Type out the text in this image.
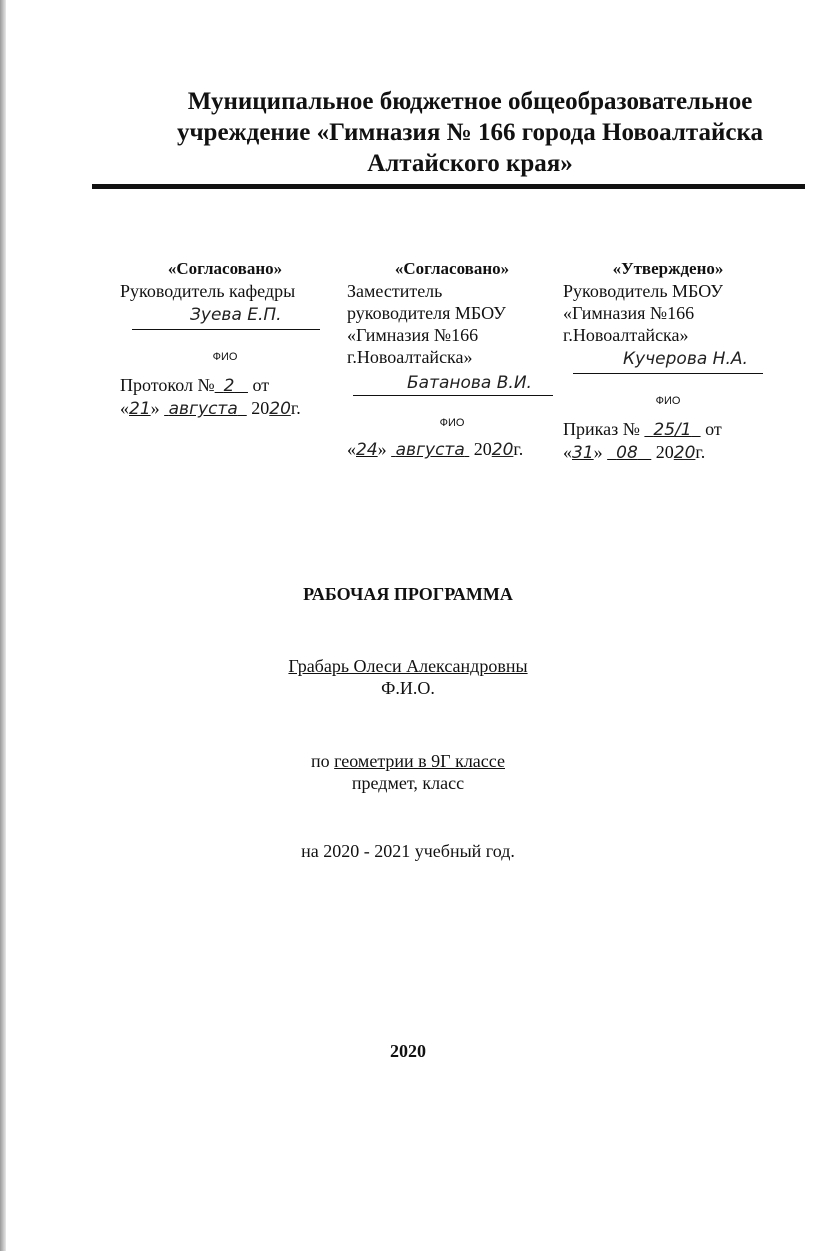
Муниципальное бюджетное общеобразовательное
учреждение «Гимназия № 166 города Новоалтайска
Алтайского края»
«Согласовано»
Руководитель кафедры
Зуева Е.П.
ФИО
Протокол № 2 от
«21»  августа 2020г.
«Согласовано»
Заместитель
руководителя МБОУ
«Гимназия №166
г.Новоалтайска»
Батанова В.И.
ФИО
«24»  августа 2020г.
«Утверждено»
Руководитель МБОУ
«Гимназия №166
г.Новоалтайска»
Кучерова Н.А.
ФИО
Приказ № 25/1 от
«31»   08 2020г.
РАБОЧАЯ ПРОГРАММА
Грабарь Олеси Александровны
Ф.И.О.
по геометрии в 9Г классе
предмет, класс
на 2020 - 2021 учебный год.
2020
